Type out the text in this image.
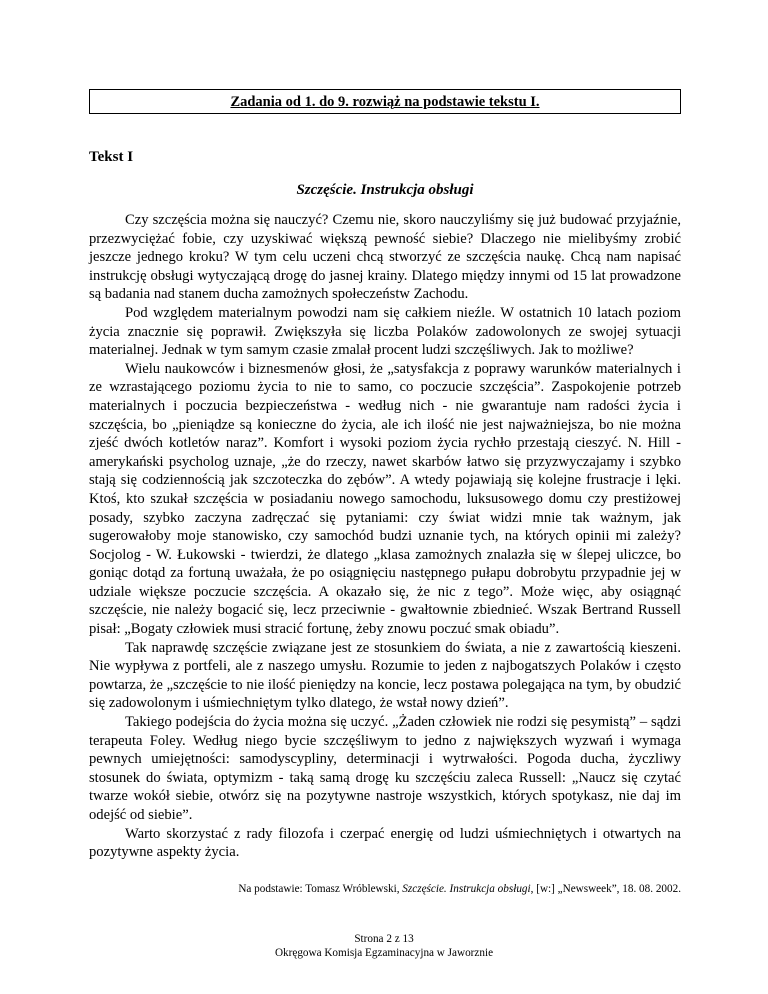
Zadania od 1. do 9. rozwiąż na podstawie tekstu I.
Tekst I
Szczęście. Instrukcja obsługi

Czy szczęścia można się nauczyć? Czemu nie, skoro nauczyliśmy się już budować przyjaźnie, przezwyciężać fobie, czy uzyskiwać większą pewność siebie? Dlaczego nie mielibyśmy zrobić jeszcze jednego kroku? W tym celu uczeni chcą stworzyć ze szczęścia naukę. Chcą nam napisać instrukcję obsługi wytyczającą drogę do jasnej krainy. Dlatego między innymi od 15 lat prowadzone są badania nad stanem ducha zamożnych społeczeństw Zachodu.

Pod względem materialnym powodzi nam się całkiem nieźle. W ostatnich 10 latach poziom życia znacznie się poprawił. Zwiększyła się liczba Polaków zadowolonych ze swojej sytuacji materialnej. Jednak w tym samym czasie zmalał procent ludzi szczęśliwych. Jak to możliwe?

Wielu naukowców i biznesmenów głosi, że „satysfakcja z poprawy warunków materialnych i ze wzrastającego poziomu życia to nie to samo, co poczucie szczęścia”. Zaspokojenie potrzeb materialnych i poczucia bezpieczeństwa - według nich - nie gwarantuje nam radości życia i szczęścia, bo „pieniądze są konieczne do życia, ale ich ilość nie jest najważniejsza, bo nie można zjeść dwóch kotletów naraz”. Komfort i wysoki poziom życia rychło przestają cieszyć. N. Hill - amerykański psycholog uznaje, „że do rzeczy, nawet skarbów łatwo się przyzwyczajamy i szybko stają się codziennością jak szczoteczka do zębów”. A wtedy pojawiają się kolejne frustracje i lęki. Ktoś, kto szukał szczęścia w posiadaniu nowego samochodu, luksusowego domu czy prestiżowej posady, szybko zaczyna zadręczać się pytaniami: czy świat widzi mnie tak ważnym, jak sugerowałoby moje stanowisko, czy samochód budzi uznanie tych, na których opinii mi zależy? Socjolog - W. Łukowski - twierdzi, że dlatego „klasa zamożnych znalazła się w ślepej uliczce, bo goniąc dotąd za fortuną uważała, że po osiągnięciu następnego pułapu dobrobytu przypadnie jej w udziale większe poczucie szczęścia. A okazało się, że nic z tego”. Może więc, aby osiągnąć szczęście, nie należy bogacić się, lecz przeciwnie - gwałtownie zbiednieć. Wszak Bertrand Russell pisał: „Bogaty człowiek musi stracić fortunę, żeby znowu poczuć smak obiadu”.

Tak naprawdę szczęście związane jest ze stosunkiem do świata, a nie z zawartością kieszeni. Nie wypływa z portfeli, ale z naszego umysłu. Rozumie to jeden z najbogatszych Polaków i często powtarza, że „szczęście to nie ilość pieniędzy na koncie, lecz postawa polegająca na tym, by obudzić się zadowolonym i uśmiechniętym tylko dlatego, że wstał nowy dzień”.

Takiego podejścia do życia można się uczyć. „Żaden człowiek nie rodzi się pesymistą” – sądzi terapeuta Foley. Według niego bycie szczęśliwym to jedno z największych wyzwań i wymaga pewnych umiejętności: samodyscypliny, determinacji i wytrwałości. Pogoda ducha, życzliwy stosunek do świata, optymizm - taką samą drogę ku szczęściu zaleca Russell: „Naucz się czytać twarze wokół siebie, otwórz się na pozytywne nastroje wszystkich, których spotykasz, nie daj im odejść od siebie”.

Warto skorzystać z rady filozofa i czerpać energię od ludzi uśmiechniętych i otwartych na pozytywne aspekty życia.

Na podstawie: Tomasz Wróblewski, Szczęście. Instrukcja obsługi, [w:] „Newsweek”, 18. 08. 2002.
Strona 2 z 13
Okręgowa Komisja Egzaminacyjna w Jaworznie
